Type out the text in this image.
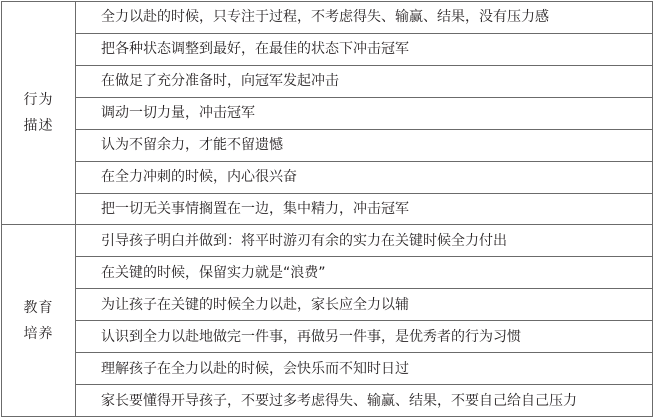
行为
描述	全力以赴的时候，只专注于过程，不考虑得失、输赢、结果，没有压力感
	把各种状态调整到最好，在最佳的状态下冲击冠军
	在做足了充分准备时，向冠军发起冲击
	调动一切力量，冲击冠军
	认为不留余力，才能不留遗憾
	在全力冲刺的时候，内心很兴奋
	把一切无关事情搁置在一边，集中精力，冲击冠军

教育
培养	引导孩子明白并做到：将平时游刃有余的实力在关键时候全力付出
	在关键的时候，保留实力就是“浪费”
	为让孩子在关键的时候全力以赴，家长应全力以辅
	认识到全力以赴地做完一件事，再做另一件事，是优秀者的行为习惯
	理解孩子在全力以赴的时候，会快乐而不知时日过
	家长要懂得开导孩子，不要过多考虑得失、输赢、结果，不要自己给自己压力
